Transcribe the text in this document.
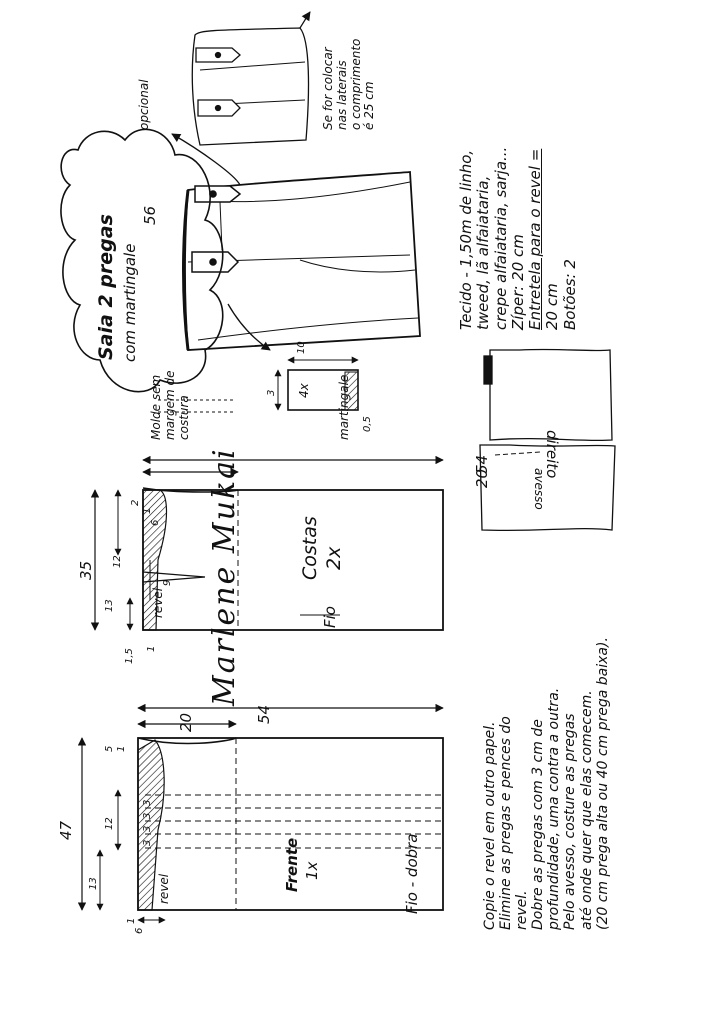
Saia 2 pregas com martingale
56
opcional	Se for colocar nas laterais o comprimento é 25 cm
Tecido - 1,50m de linho, tweed, lã alfaiataria, crepe alfaiataria, sarja... Zíper: 20 cm Entretela para o revel = 20 cm Botões: 2
Molde sem margem de costura
4x
10
3
0,5
martingale
direito
avesso
Costas 2x
Fio
54
20
35
revel
1
2
6
13
12
9
1,5 1 Marlene Mukai
Frente 1x	Fio - dobra
54
20
47
revel
5 1
12
13
3
3
3
3
6
1	Copie o revel em outro papel. Elimine as pregas e pences do revel. Dobre as pregas com 3 cm de profundidade, uma contra a outra. Pelo avesso, costure as pregas até onde quer que elas comecem. (20 cm prega alta ou 40 cm prega baixa).
